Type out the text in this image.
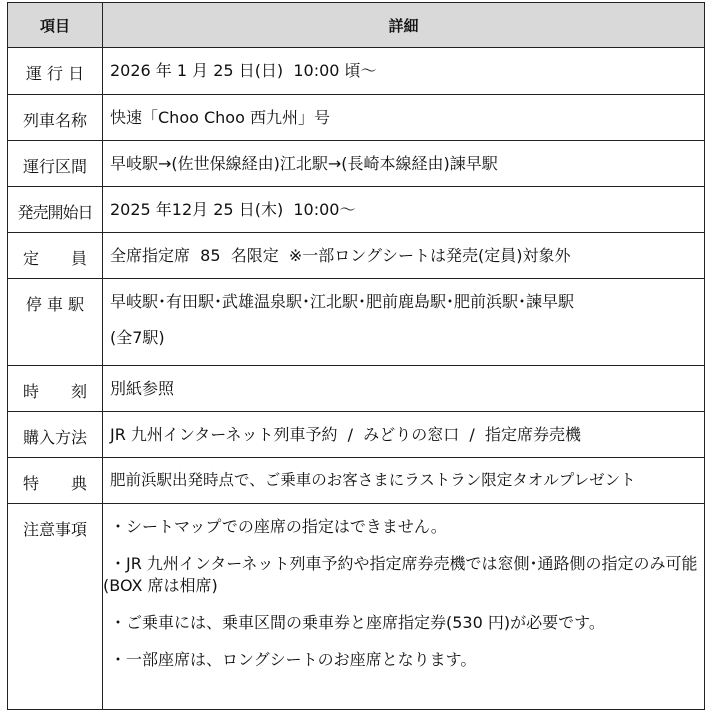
項目	詳細
運 行 日	2026 年 1 月 25 日(日)  10:00 頃〜

列車名称	快速「Choo Choo 西九州」号

運行区間	早岐駅→(佐世保線経由)江北駅→(長崎本線経由)諫早駅

発売開始日	2025 年12月 25 日(木)  10:00〜

定　　員	全席指定席  85  名限定  ※一部ロングシートは発売(定員)対象外

停 車 駅	早岐駅･有田駅･武雄温泉駅･江北駅･肥前鹿島駅･肥前浜駅･諫早駅
(全7駅)

時　　刻	別紙参照

購入方法	JR 九州インターネット列車予約  /  みどりの窓口  /  指定席券売機

特　　典	肥前浜駅出発時点で、ご乗車のお客さまにラストラン限定タオルプレゼント

注意事項	・シートマップでの座席の指定はできません。
・JR 九州インターネット列車予約や指定席券売機では窓側･通路側の指定のみ可能(BOX 席は相席)
・ご乗車には、乗車区間の乗車券と座席指定券(530 円)が必要です。
・一部座席は、ロングシートのお座席となります。
